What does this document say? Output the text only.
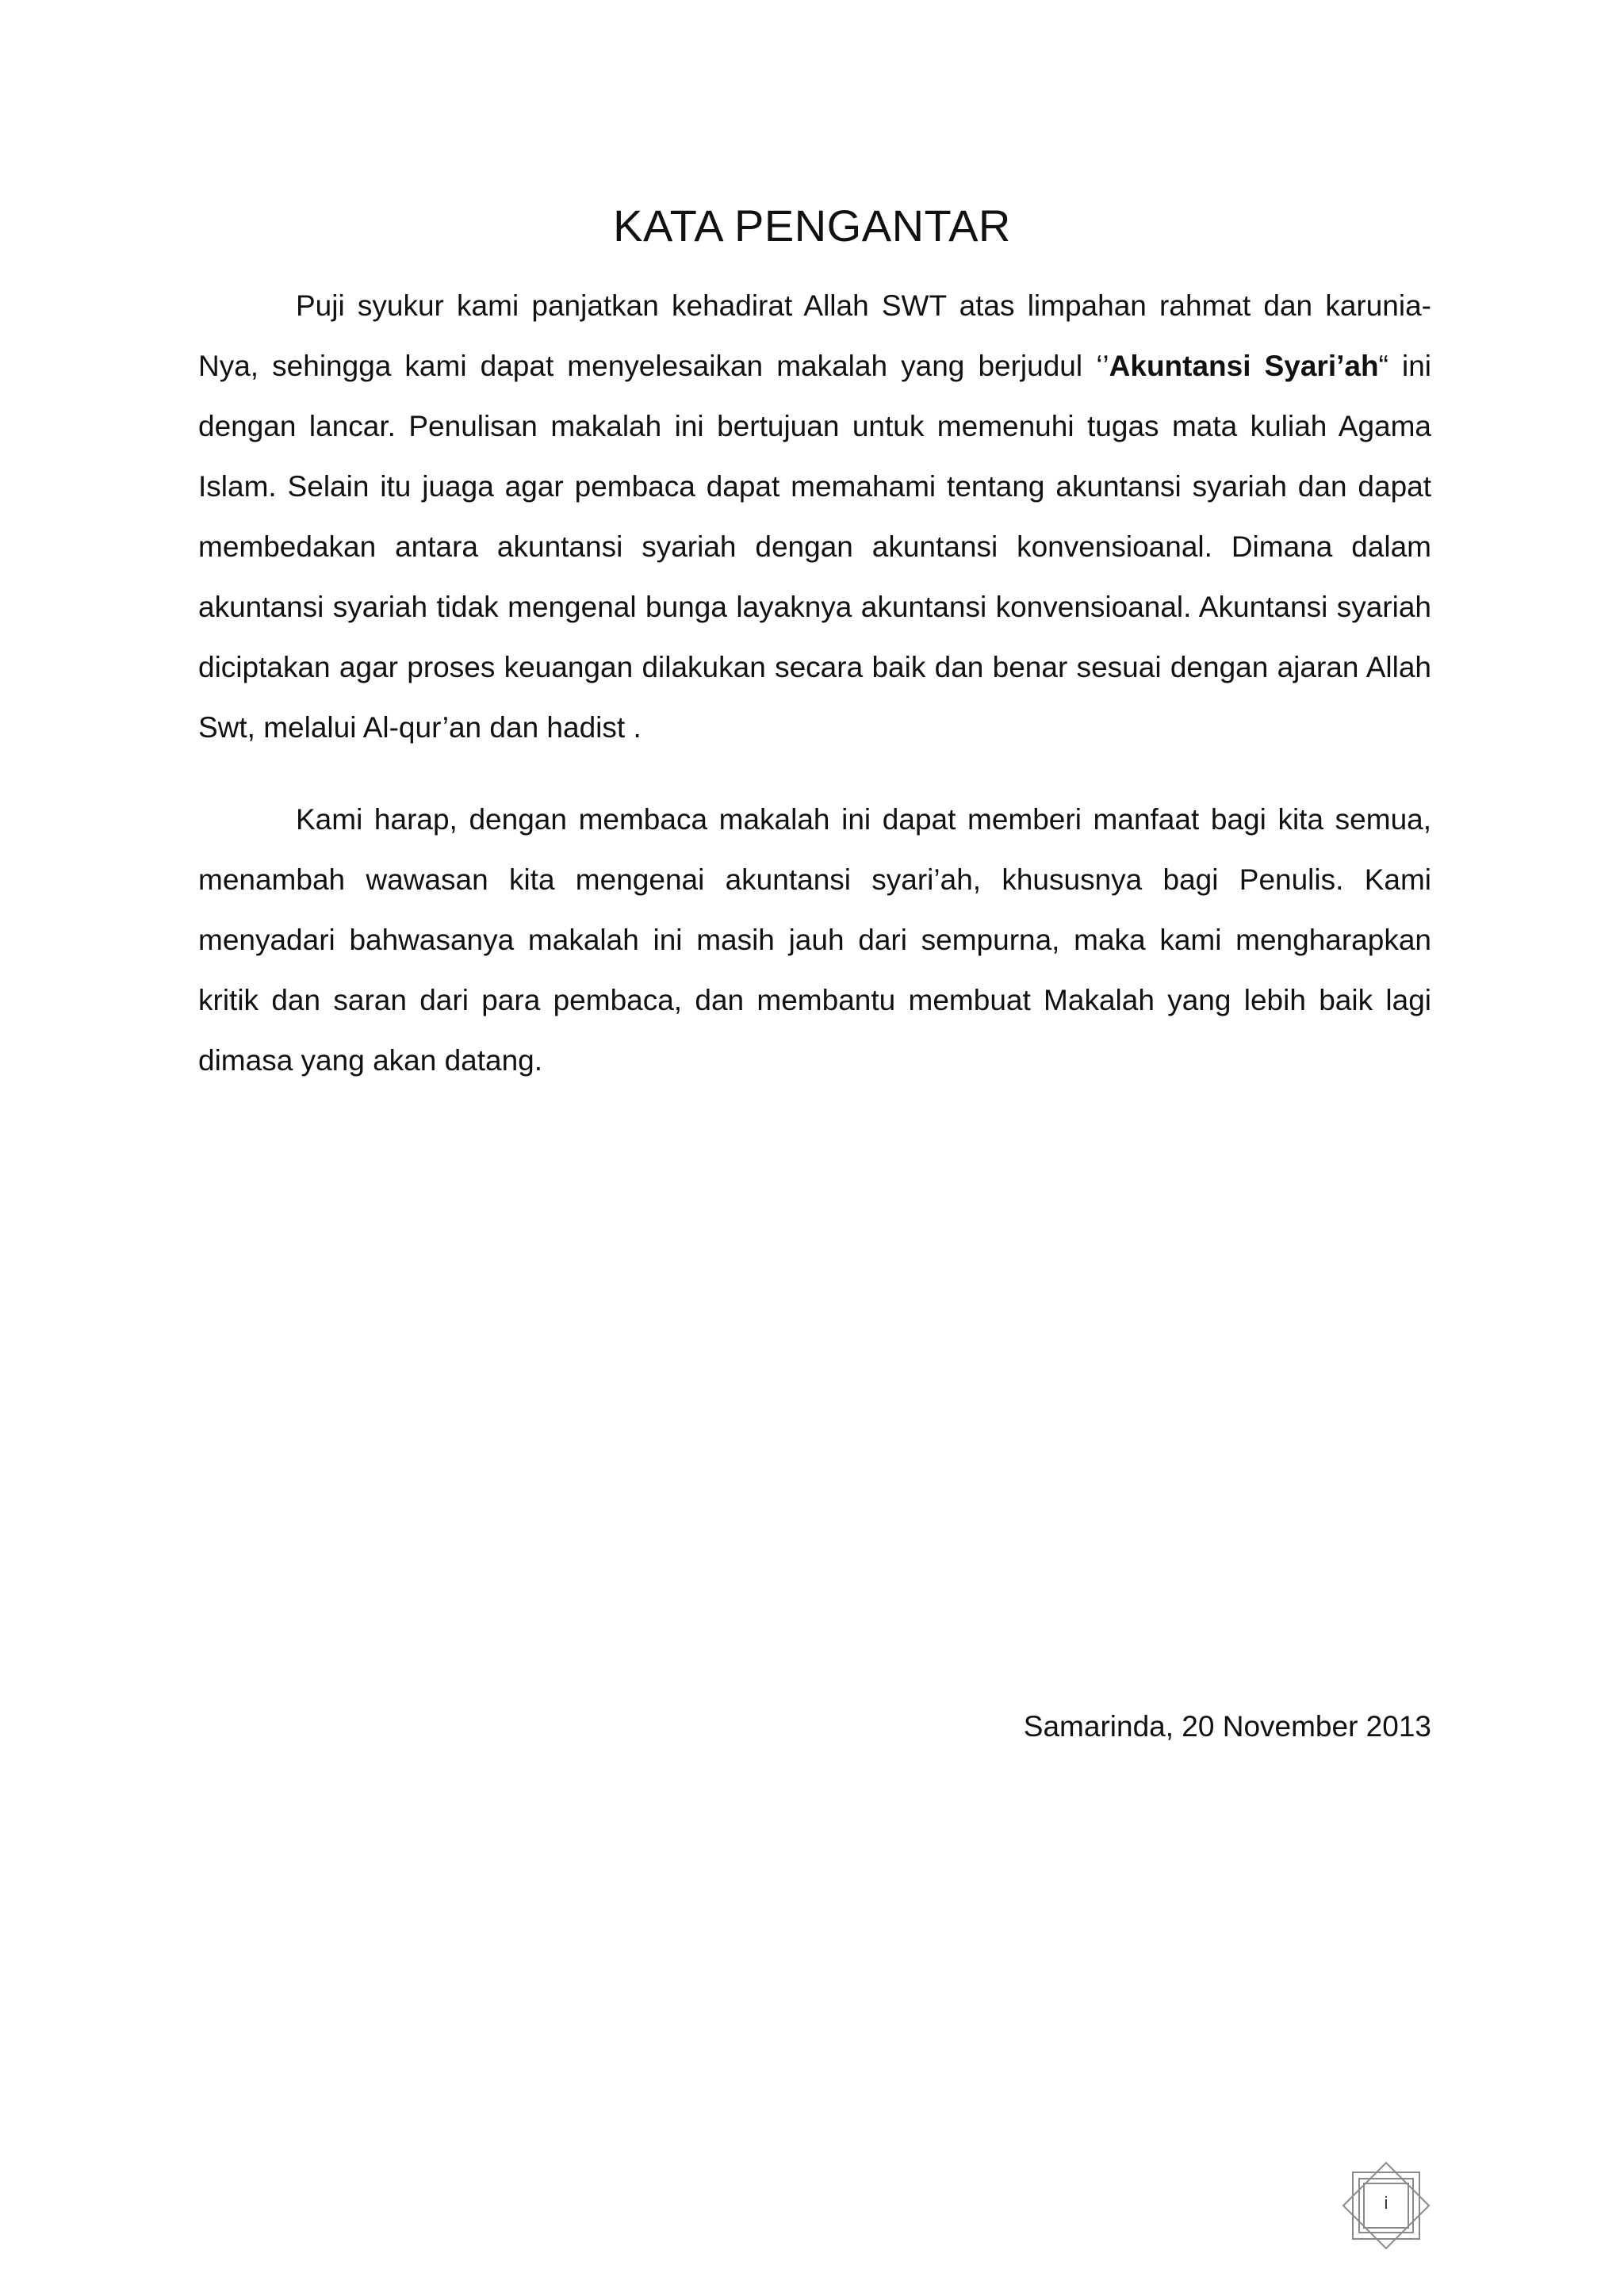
KATA PENGANTAR

Puji syukur kami panjatkan kehadirat Allah SWT atas limpahan rahmat dan karunia-Nya, sehingga kami dapat menyelesaikan makalah yang berjudul ‘’Akuntansi Syari’ah“ ini dengan lancar. Penulisan makalah ini bertujuan untuk memenuhi tugas mata kuliah Agama Islam. Selain itu juaga agar pembaca dapat memahami tentang akuntansi syariah dan dapat membedakan antara akuntansi syariah dengan akuntansi konvensioanal. Dimana dalam akuntansi syariah tidak mengenal bunga layaknya akuntansi konvensioanal. Akuntansi syariah diciptakan agar proses keuangan dilakukan secara baik dan benar sesuai dengan ajaran Allah Swt, melalui Al-qur’an dan hadist .

Kami harap, dengan membaca makalah ini dapat memberi manfaat bagi kita semua, menambah wawasan kita mengenai akuntansi syari’ah, khususnya bagi Penulis. Kami menyadari bahwasanya makalah ini masih jauh dari sempurna, maka kami mengharapkan kritik dan saran dari para pembaca, dan membantu membuat Makalah yang lebih baik lagi dimasa yang akan datang.

Samarinda, 20 November 2013
i
